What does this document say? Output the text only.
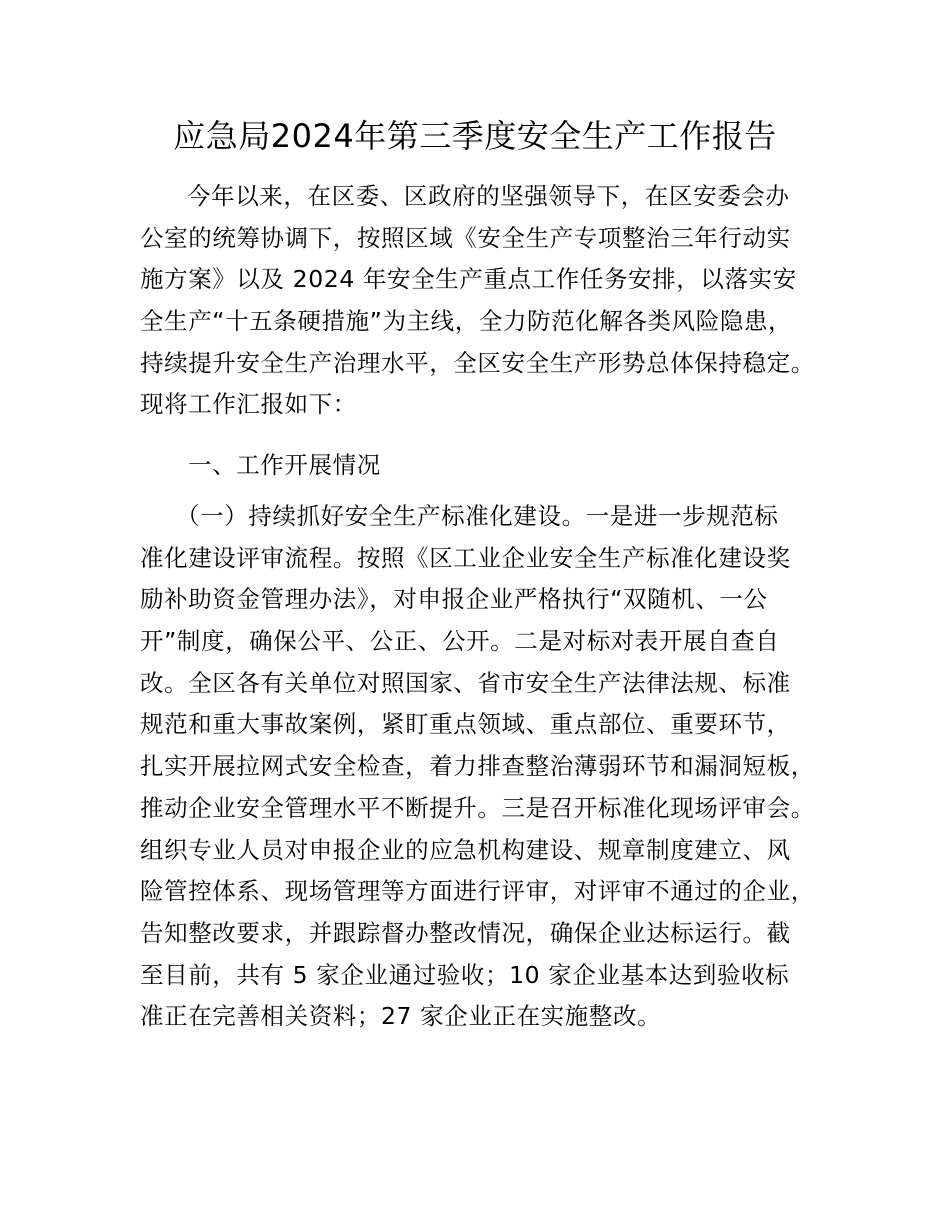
应急局2024年第三季度安全生产工作报告
今年以来，在区委、区政府的坚强领导下，在区安委会办
公室的统筹协调下，按照区域《安全生产专项整治三年行动实
施方案》以及 2024 年安全生产重点工作任务安排，以落实安
全生产“十五条硬措施”为主线，全力防范化解各类风险隐患，
持续提升安全生产治理水平，全区安全生产形势总体保持稳定。
现将工作汇报如下：
一、工作开展情况
（一）持续抓好安全生产标准化建设。一是进一步规范标
准化建设评审流程。按照《区工业企业安全生产标准化建设奖
励补助资金管理办法》，对申报企业严格执行“双随机、一公
开”制度，确保公平、公正、公开。二是对标对表开展自查自
改。全区各有关单位对照国家、省市安全生产法律法规、标准
规范和重大事故案例，紧盯重点领域、重点部位、重要环节，
扎实开展拉网式安全检查，着力排查整治薄弱环节和漏洞短板，
推动企业安全管理水平不断提升。三是召开标准化现场评审会。
组织专业人员对申报企业的应急机构建设、规章制度建立、风
险管控体系、现场管理等方面进行评审，对评审不通过的企业，
告知整改要求，并跟踪督办整改情况，确保企业达标运行。截
至目前，共有 5 家企业通过验收；10 家企业基本达到验收标
准正在完善相关资料；27 家企业正在实施整改。
